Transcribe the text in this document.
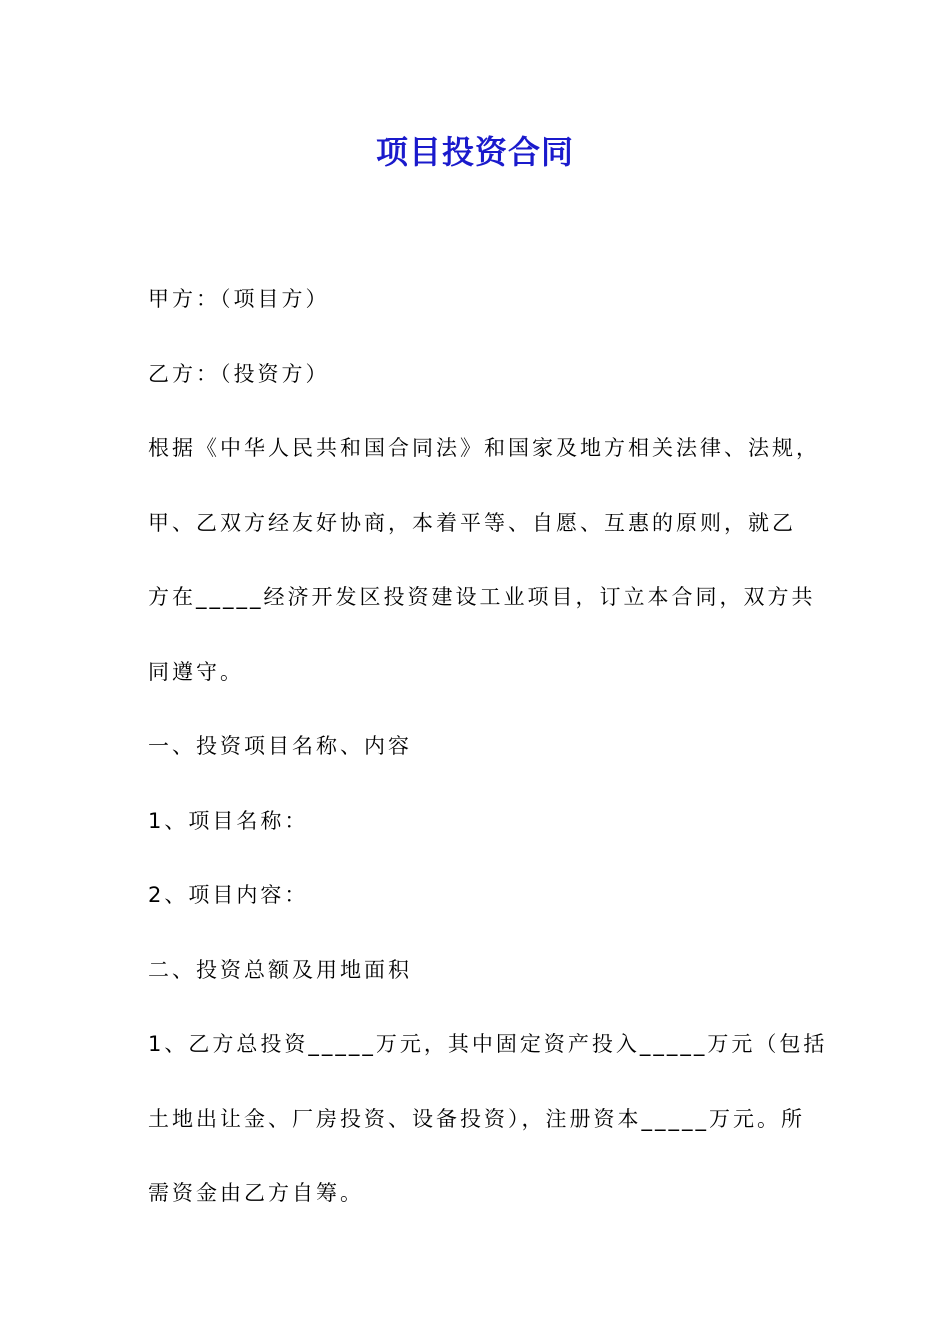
项目投资合同
甲方：（项目方）
乙方：（投资方）
根据《中华人民共和国合同法》和国家及地方相关法律、法规，
甲、乙双方经友好协商，本着平等、自愿、互惠的原则，就乙
方在_____经济开发区投资建设工业项目，订立本合同，双方共
同遵守。
一、投资项目名称、内容
1、项目名称：
2、项目内容：
二、投资总额及用地面积
1、乙方总投资_____万元，其中固定资产投入_____万元（包括
土地出让金、厂房投资、设备投资），注册资本_____万元。所
需资金由乙方自筹。
